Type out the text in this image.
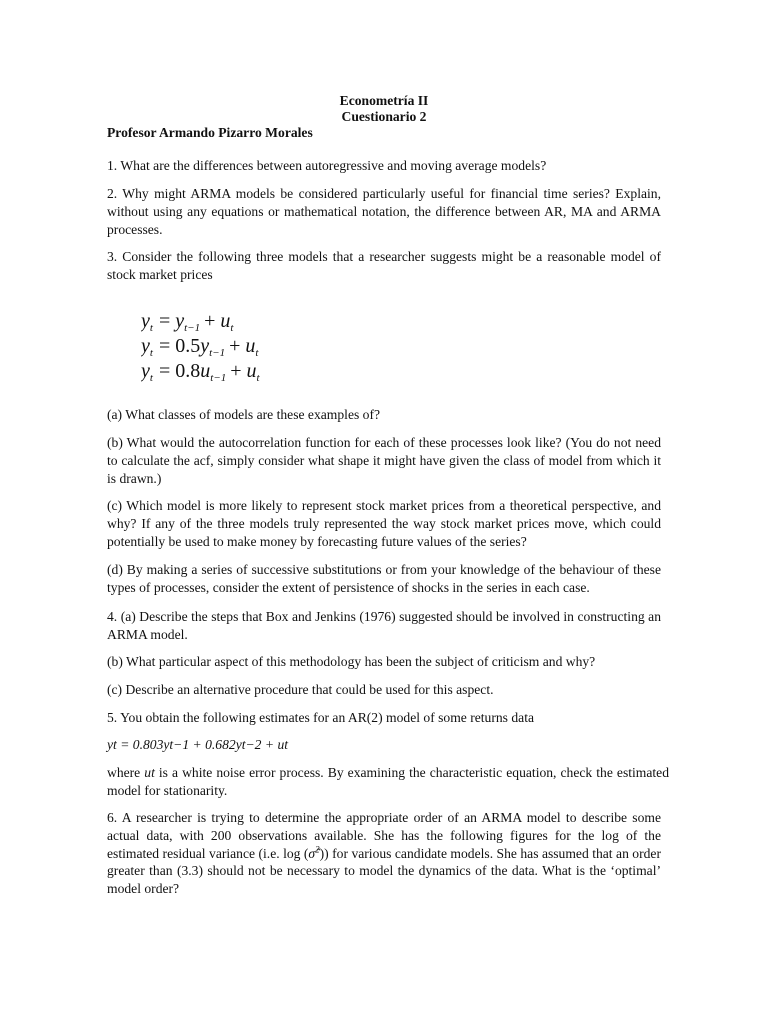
Econometría II
Cuestionario 2
Profesor Armando Pizarro Morales
1. What are the differences between autoregressive and moving average models?
2. Why might ARMA models be considered particularly useful for financial time series? Explain, without using any equations or mathematical notation, the difference between AR, MA and ARMA processes.
3. Consider the following three models that a researcher suggests might be a reasonable model of stock market prices
$y_t = y_{t-1} + u_t$
$y_t = 0.5y_{t-1} + u_t$
$y_t = 0.8u_{t-1} + u_t$
(a) What classes of models are these examples of?
(b) What would the autocorrelation function for each of these processes look like? (You do not need to calculate the acf, simply consider what shape it might have given the class of model from which it is drawn.)
(c) Which model is more likely to represent stock market prices from a theoretical perspective, and why? If any of the three models truly represented the way stock market prices move, which could potentially be used to make money by forecasting future values of the series?
(d) By making a series of successive substitutions or from your knowledge of the behaviour of these types of processes, consider the extent of persistence of shocks in the series in each case.
4. (a) Describe the steps that Box and Jenkins (1976) suggested should be involved in constructing an ARMA model.
(b) What particular aspect of this methodology has been the subject of criticism and why?
(c) Describe an alternative procedure that could be used for this aspect.
5. You obtain the following estimates for an AR(2) model of some returns data
yt = 0.803yt−1 + 0.682yt−2 + ut
where ut is a white noise error process. By examining the characteristic equation, check the estimated model for stationarity.
6. A researcher is trying to determine the appropriate order of an ARMA model to describe some actual data, with 200 observations available. She has the following figures for the log of the estimated residual variance (i.e. log (σ̂$^2$)) for various candidate models. She has assumed that an order greater than (3.3) should not be necessary to model the dynamics of the data. What is the ‘optimal’ model order?
